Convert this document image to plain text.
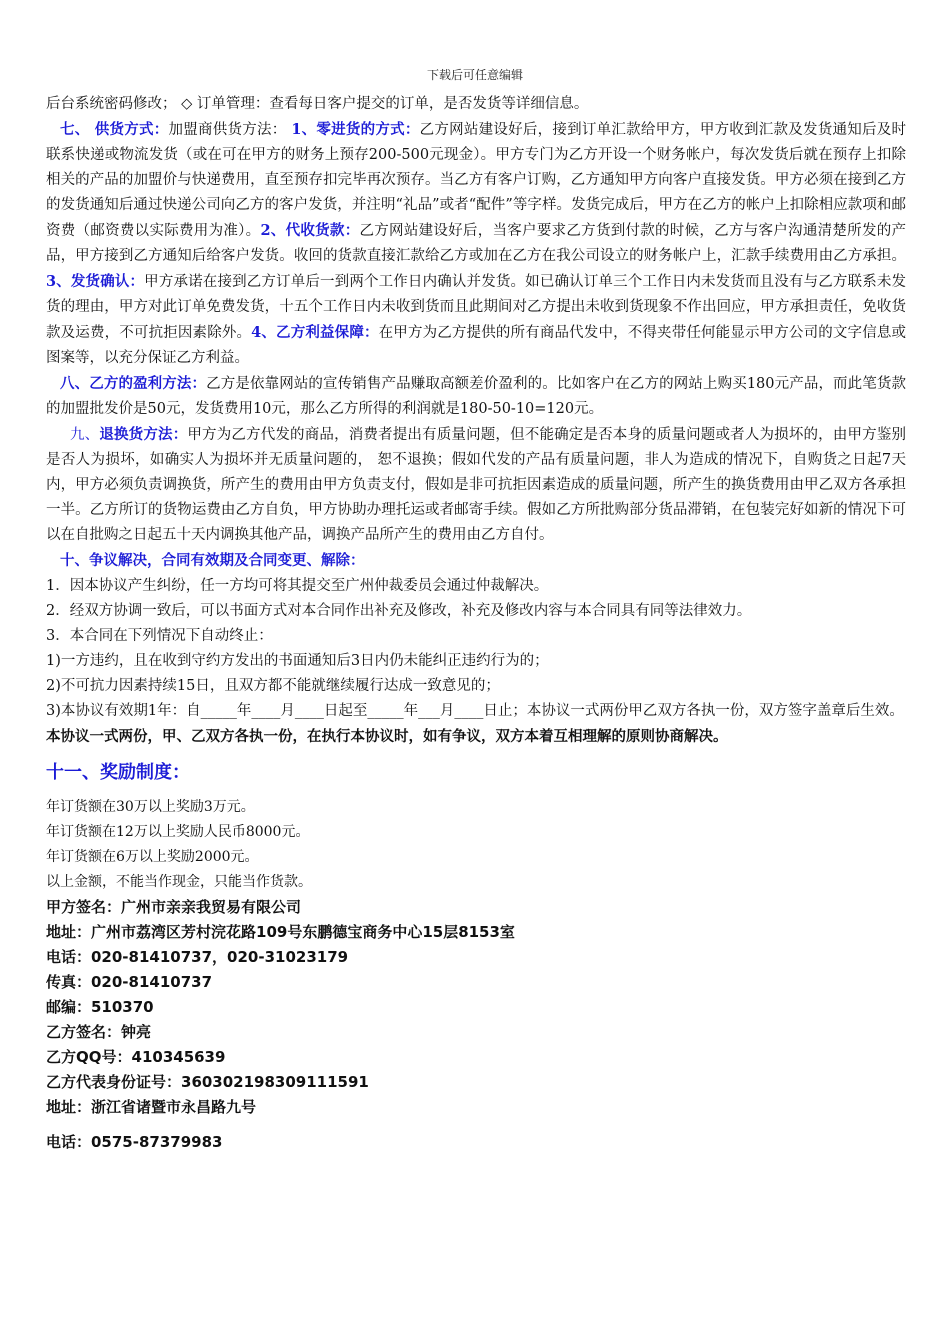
下载后可任意编辑

后台系统密码修改； ◇ 订单管理：查看每日客户提交的订单，是否发货等详细信息。

七、 供货方式：加盟商供货方法： 1、零进货的方式：乙方网站建设好后，接到订单汇款给甲方，甲方收到汇款及发货通知后及时联系快递或物流发货（或在可在甲方的财务上预存200-500元现金）。甲方专门为乙方开设一个财务帐户，每次发货后就在预存上扣除相关的产品的加盟价与快递费用，直至预存扣完毕再次预存。当乙方有客户订购，乙方通知甲方向客户直接发货。甲方必须在接到乙方的发货通知后通过快递公司向乙方的客户发货，并注明“礼品”或者“配件”等字样。发货完成后，甲方在乙方的帐户上扣除相应款项和邮资费（邮资费以实际费用为准）。2、代收货款：乙方网站建设好后，当客户要求乙方货到付款的时候，乙方与客户沟通清楚所发的产品，甲方接到乙方通知后给客户发货。收回的货款直接汇款给乙方或加在乙方在我公司设立的财务帐户上，汇款手续费用由乙方承担。3、发货确认：甲方承诺在接到乙方订单后一到两个工作日内确认并发货。如已确认订单三个工作日内未发货而且没有与乙方联系未发货的理由，甲方对此订单免费发货，十五个工作日内未收到货而且此期间对乙方提出未收到货现象不作出回应，甲方承担责任，免收货款及运费，不可抗拒因素除外。4、乙方利益保障：在甲方为乙方提供的所有商品代发中，不得夹带任何能显示甲方公司的文字信息或图案等，以充分保证乙方利益。

八、乙方的盈利方法：乙方是依靠网站的宣传销售产品赚取高额差价盈利的。比如客户在乙方的网站上购买180元产品，而此笔货款的加盟批发价是50元，发货费用10元，那么乙方所得的利润就是180-50-10=120元。

九、退换货方法：甲方为乙方代发的商品，消费者提出有质量问题，但不能确定是否本身的质量问题或者人为损坏的，由甲方鉴别是否人为损坏，如确实人为损坏并无质量问题的， 恕不退换；假如代发的产品有质量问题，非人为造成的情况下，自购货之日起7天内，甲方必须负责调换货，所产生的费用由甲方负责支付，假如是非可抗拒因素造成的质量问题，所产生的换货费用由甲乙双方各承担一半。乙方所订的货物运费由乙方自负，甲方协助办理托运或者邮寄手续。假如乙方所批购部分货品滞销，在包装完好如新的情况下可以在自批购之日起五十天内调换其他产品，调换产品所产生的费用由乙方自付。

十、争议解决，合同有效期及合同变更、解除：

1．因本协议产生纠纷，任一方均可将其提交至广州仲裁委员会通过仲裁解决。

2．经双方协调一致后，可以书面方式对本合同作出补充及修改，补充及修改内容与本合同具有同等法律效力。

3．本合同在下列情况下自动终止：

1)一方违约，且在收到守约方发出的书面通知后3日内仍未能纠正违约行为的；

2)不可抗力因素持续15日，且双方都不能就继续履行达成一致意见的；

3)本协议有效期1年：自_____年____月____日起至_____年___月____日止；本协议一式两份甲乙双方各执一份，双方签字盖章后生效。

本协议一式两份，甲、乙双方各执一份，在执行本协议时，如有争议，双方本着互相理解的原则协商解决。

十一、奖励制度：

年订货额在30万以上奖励3万元。

年订货额在12万以上奖励人民币8000元。

年订货额在6万以上奖励2000元。

以上金额，不能当作现金，只能当作货款。

甲方签名：广州市亲亲我贸易有限公司

地址：广州市荔湾区芳村浣花路109号东鹏德宝商务中心15层8153室

电话：020-81410737，020-31023179

传真：020-81410737

邮编：510370

乙方签名：钟亮

乙方QQ号：410345639

乙方代表身份证号：360302198309111591

地址：浙江省诸暨市永昌路九号

电话：0575-87379983
